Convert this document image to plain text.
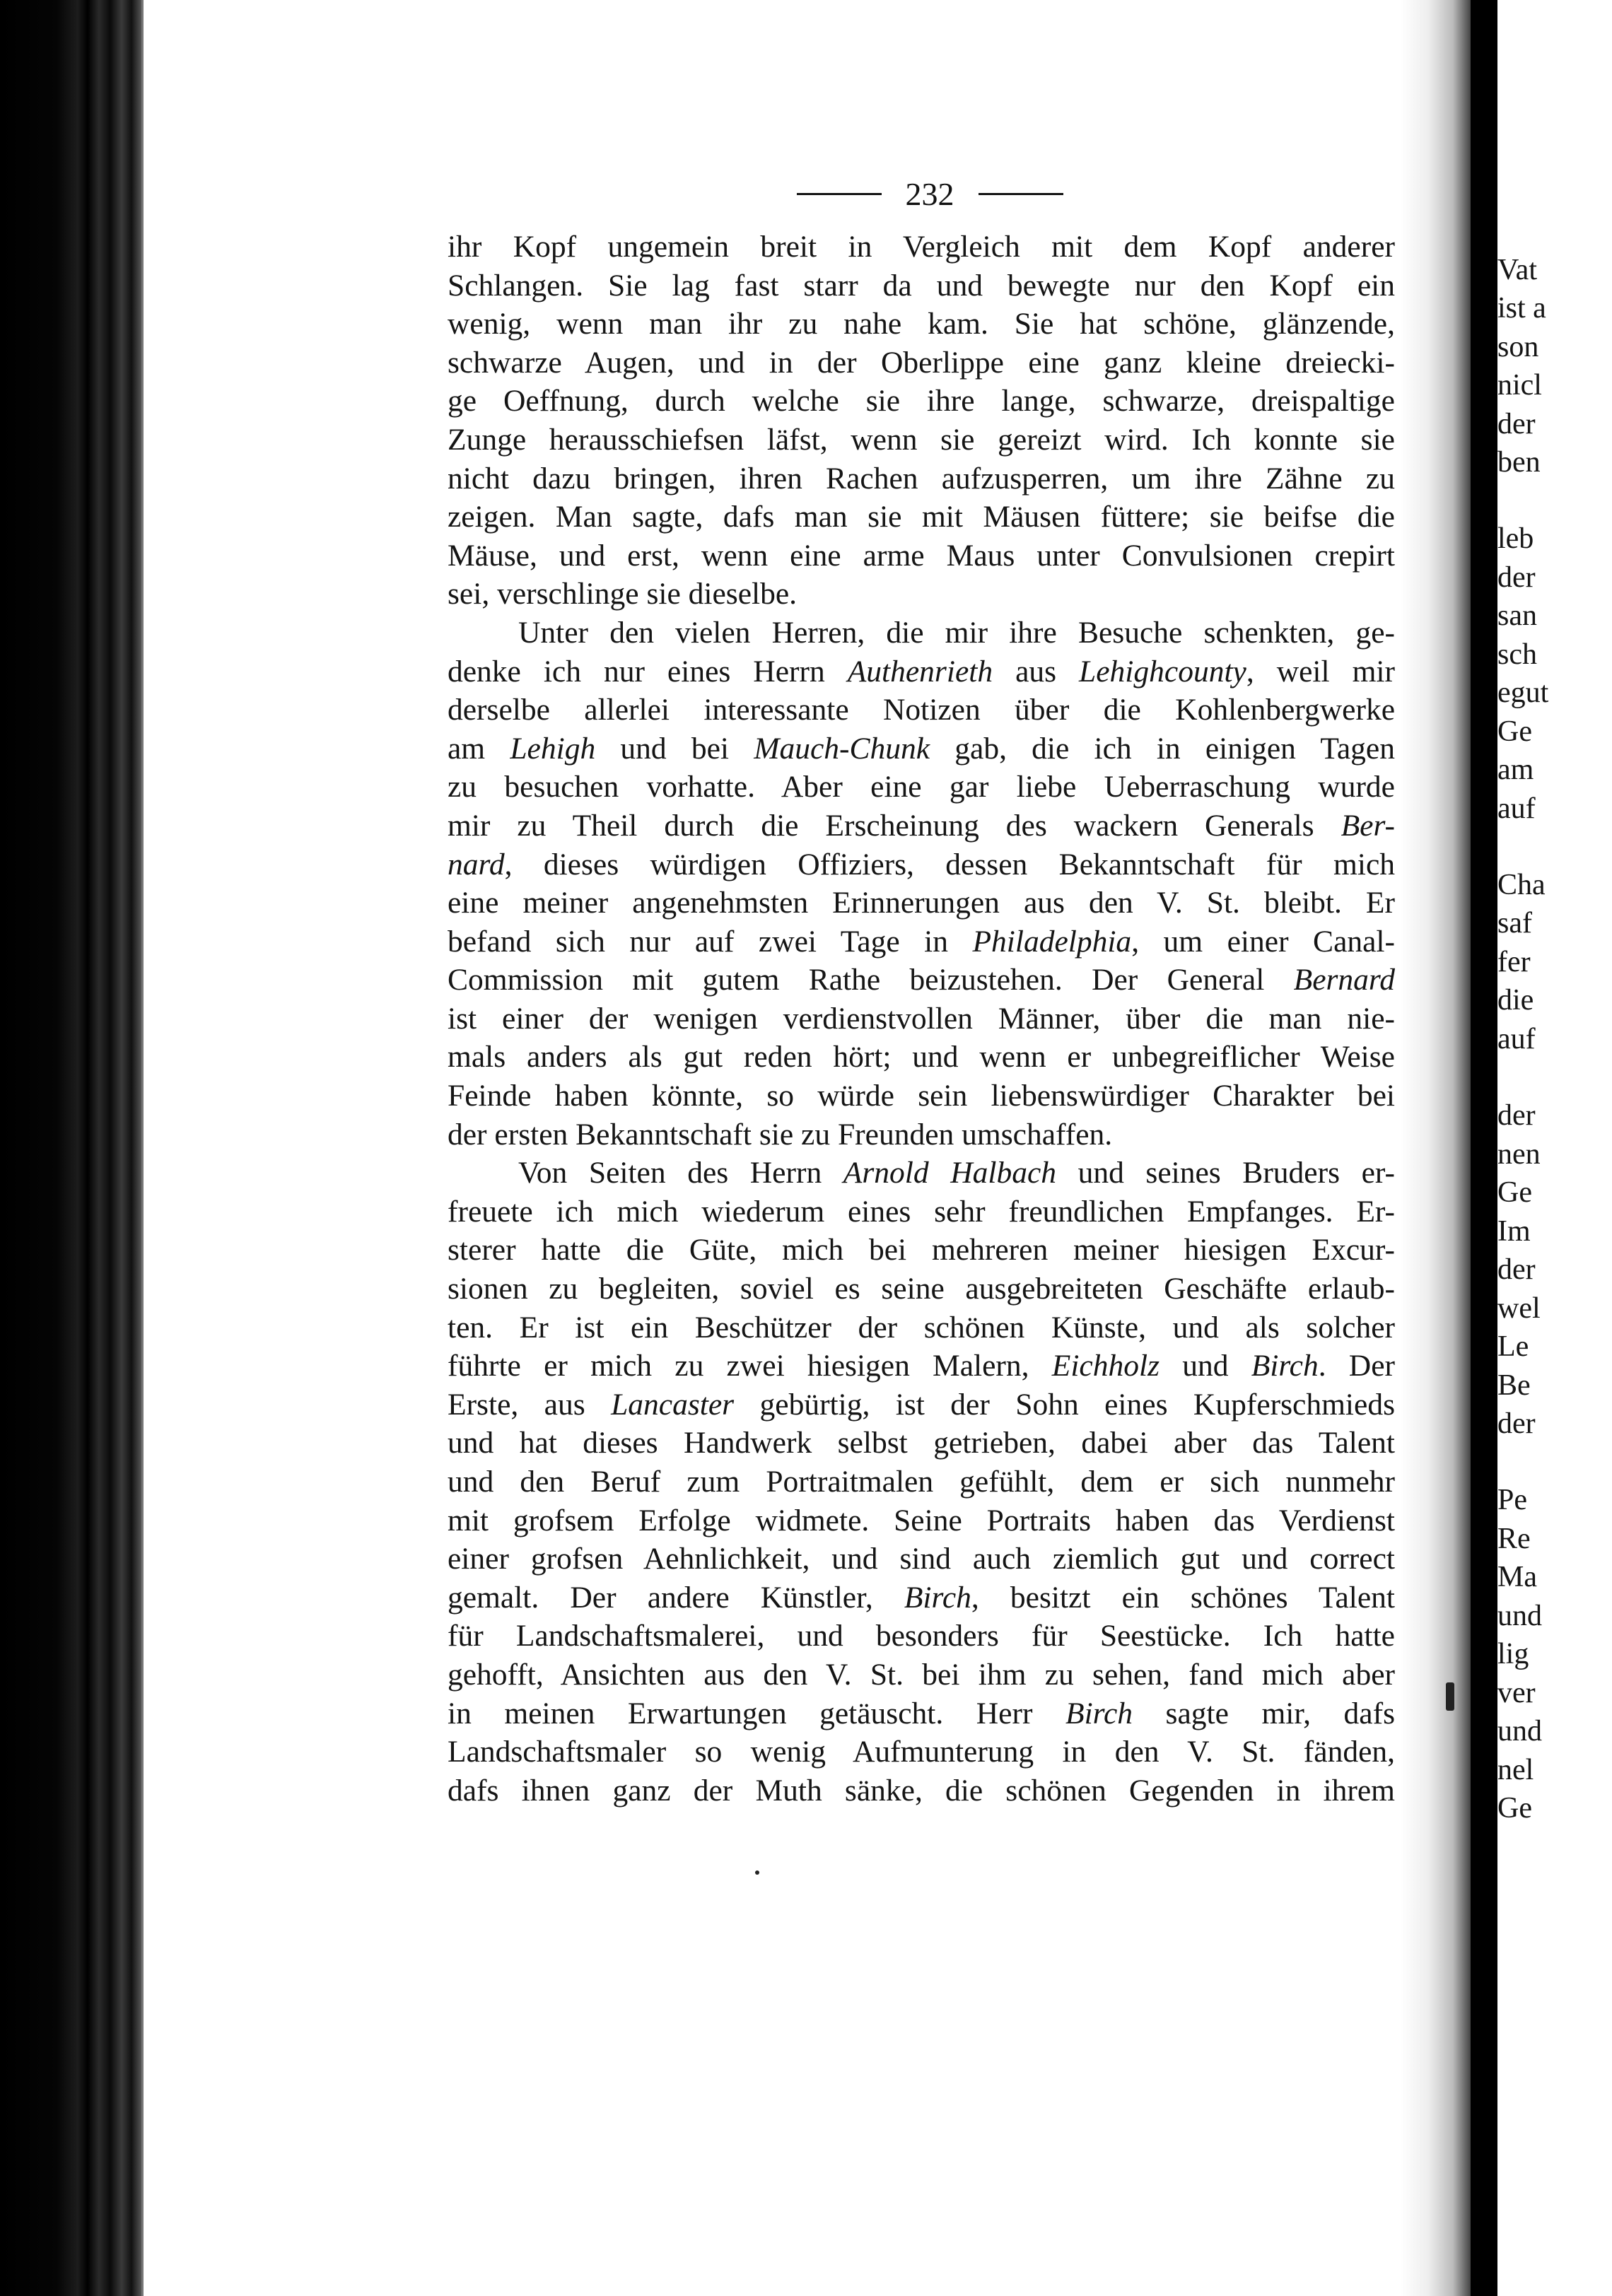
Vat
ist a
son
nicl
der
ben
leb
der
san
sch
egut
Ge
am
auf
Cha
saf
fer
die
auf
der
nen
Ge
Im
der
wel
Le
Be
der
Pe
Re
Ma
und
lig
ver
und
nel
Ge
232
ihr Kopf ungemein breit in Vergleich mit dem Kopf anderer
Schlangen. Sie lag fast starr da und bewegte nur den Kopf ein
wenig, wenn man ihr zu nahe kam. Sie hat schöne, glänzende,
schwarze Augen, und in der Oberlippe eine ganz kleine dreiecki-
ge Oeffnung, durch welche sie ihre lange, schwarze, dreispaltige
Zunge herausschiefsen läfst, wenn sie gereizt wird. Ich konnte sie
nicht dazu bringen, ihren Rachen aufzusperren, um ihre Zähne zu
zeigen. Man sagte, dafs man sie mit Mäusen füttere; sie beifse die
Mäuse, und erst, wenn eine arme Maus unter Convulsionen crepirt
sei, verschlinge sie dieselbe.
Unter den vielen Herren, die mir ihre Besuche schenkten, ge-
denke ich nur eines Herrn Authenrieth aus Lehighcounty, weil mir
derselbe allerlei interessante Notizen über die Kohlenbergwerke
am Lehigh und bei Mauch-Chunk gab, die ich in einigen Tagen
zu besuchen vorhatte. Aber eine gar liebe Ueberraschung wurde
mir zu Theil durch die Erscheinung des wackern Generals Ber-
nard, dieses würdigen Offiziers, dessen Bekanntschaft für mich
eine meiner angenehmsten Erinnerungen aus den V. St. bleibt. Er
befand sich nur auf zwei Tage in Philadelphia, um einer Canal-
Commission mit gutem Rathe beizustehen. Der General Bernard
ist einer der wenigen verdienstvollen Männer, über die man nie-
mals anders als gut reden hört; und wenn er unbegreiflicher Weise
Feinde haben könnte, so würde sein liebenswürdiger Charakter bei
der ersten Bekanntschaft sie zu Freunden umschaffen.
Von Seiten des Herrn Arnold Halbach und seines Bruders er-
freuete ich mich wiederum eines sehr freundlichen Empfanges. Er-
sterer hatte die Güte, mich bei mehreren meiner hiesigen Excur-
sionen zu begleiten, soviel es seine ausgebreiteten Geschäfte erlaub-
ten. Er ist ein Beschützer der schönen Künste, und als solcher
führte er mich zu zwei hiesigen Malern, Eichholz und Birch. Der
Erste, aus Lancaster gebürtig, ist der Sohn eines Kupferschmieds
und hat dieses Handwerk selbst getrieben, dabei aber das Talent
und den Beruf zum Portraitmalen gefühlt, dem er sich nunmehr
mit grofsem Erfolge widmete. Seine Portraits haben das Verdienst
einer grofsen Aehnlichkeit, und sind auch ziemlich gut und correct
gemalt. Der andere Künstler, Birch, besitzt ein schönes Talent
für Landschaftsmalerei, und besonders für Seestücke. Ich hatte
gehofft, Ansichten aus den V. St. bei ihm zu sehen, fand mich aber
in meinen Erwartungen getäuscht. Herr Birch sagte mir, dafs
Landschaftsmaler so wenig Aufmunterung in den V. St. fänden,
dafs ihnen ganz der Muth sänke, die schönen Gegenden in ihrem
